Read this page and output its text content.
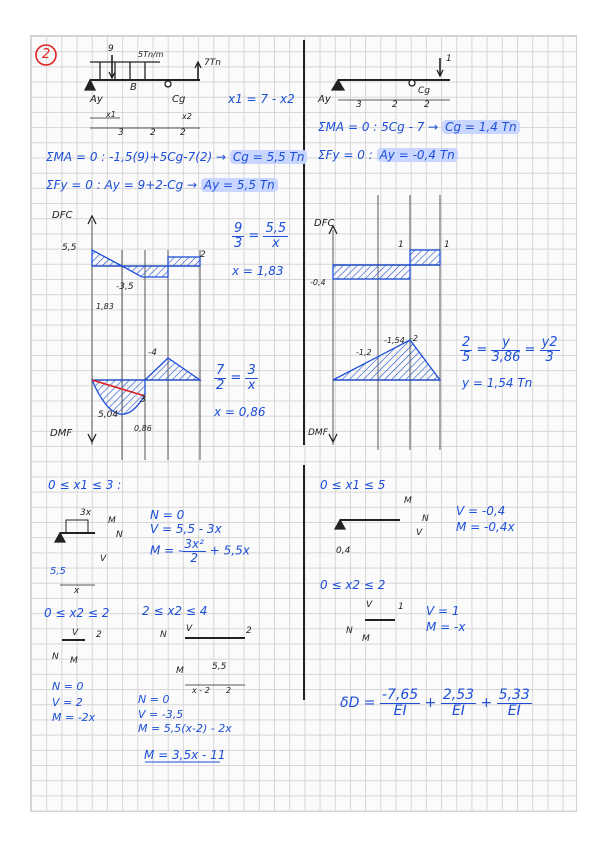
2	9
5Tn/m
7Tn
Ay
B
Cg
x1	x2
3	2	2
x1 = 7 - x2
ΣMA = 0 : -1,5(9)+5Cg-7(2) → Cg = 5,5 Tn
ΣFy = 0 : Ay = 9+2-Cg → Ay = 5,5 Tn
1
Ay
Cg
3	2	2
ΣMA = 0 : 5Cg - 7 → Cg = 1,4 Tn
ΣFy = 0 : Ay = -0,4 Tn
DFC
5,5
-3,5
2
1,83
$\frac{9}{3} = \frac{5,5}{x}$
x = 1,83
DMF
5,04
-4
3
0,86
$\frac{7}{2} = \frac{3}{x}$
x = 0,86
DFC
-0,4
1	1
DMF
-1,2
-1,54 -2	$\frac{2}{5} = \frac{y}{3,86} = \frac{y2}{3}$
y = 1,54 Tn
0 ≤ x1 ≤ 3 :
3x
M
N
V
5,5
x
N = 0
V = 5,5 - 3x
M = - $\frac{\text{3x²}}{2} + 5,5x$
0 ≤ x2 ≤ 2
2
V
N M
N = 0
V = 2
M = -2x
2 ≤ x2 ≤ 4
2
N
V
M	5,5
x - 2 2
N = 0
V = -3,5
M = 5,5(x-2) - 2x
M = 3,5x - 11
0 ≤ x1 ≤ 5
M
N
V
0,4
V = -0,4
M = -0,4x
0 ≤ x2 ≤ 2
1
V
N
M
V = 1
M = -x
$\delta D = \frac{-7,65}{EI} + \frac{2,53}{EI} + \frac{5,33}{EI}$
